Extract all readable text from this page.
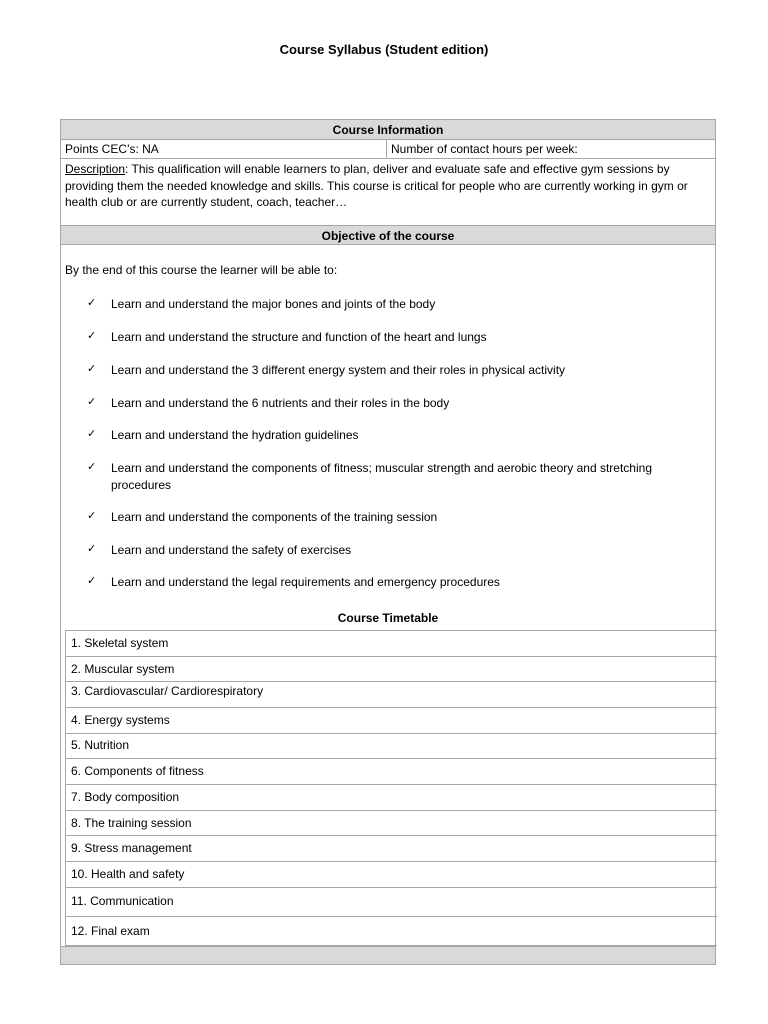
Course Syllabus (Student edition)
Course Information
Points CEC’s: NA	Number of contact hours per week:
Description: This qualification will enable learners to plan, deliver and evaluate safe and effective gym sessions by providing them the needed knowledge and skills. This course is critical for people who are currently working in gym or health club or are currently student, coach, teacher…
Objective of the course
By the end of this course the learner will be able to:
✓ Learn and understand the major bones and joints of the body
✓ Learn and understand the structure and function of the heart and lungs
✓ Learn and understand the 3 different energy system and their roles in physical activity
✓ Learn and understand the 6 nutrients and their roles in the body
✓ Learn and understand the hydration guidelines
✓ Learn and understand the components of fitness; muscular strength and aerobic theory and stretching procedures
✓ Learn and understand the components of the training session
✓ Learn and understand the safety of exercises
✓ Learn and understand the legal requirements and emergency procedures
Course Timetable
1. Skeletal system
2. Muscular system
3. Cardiovascular/ Cardiorespiratory
4. Energy systems
5. Nutrition
6. Components of fitness
7. Body composition
8. The training session
9. Stress management
10. Health and safety
11. Communication
12. Final exam
